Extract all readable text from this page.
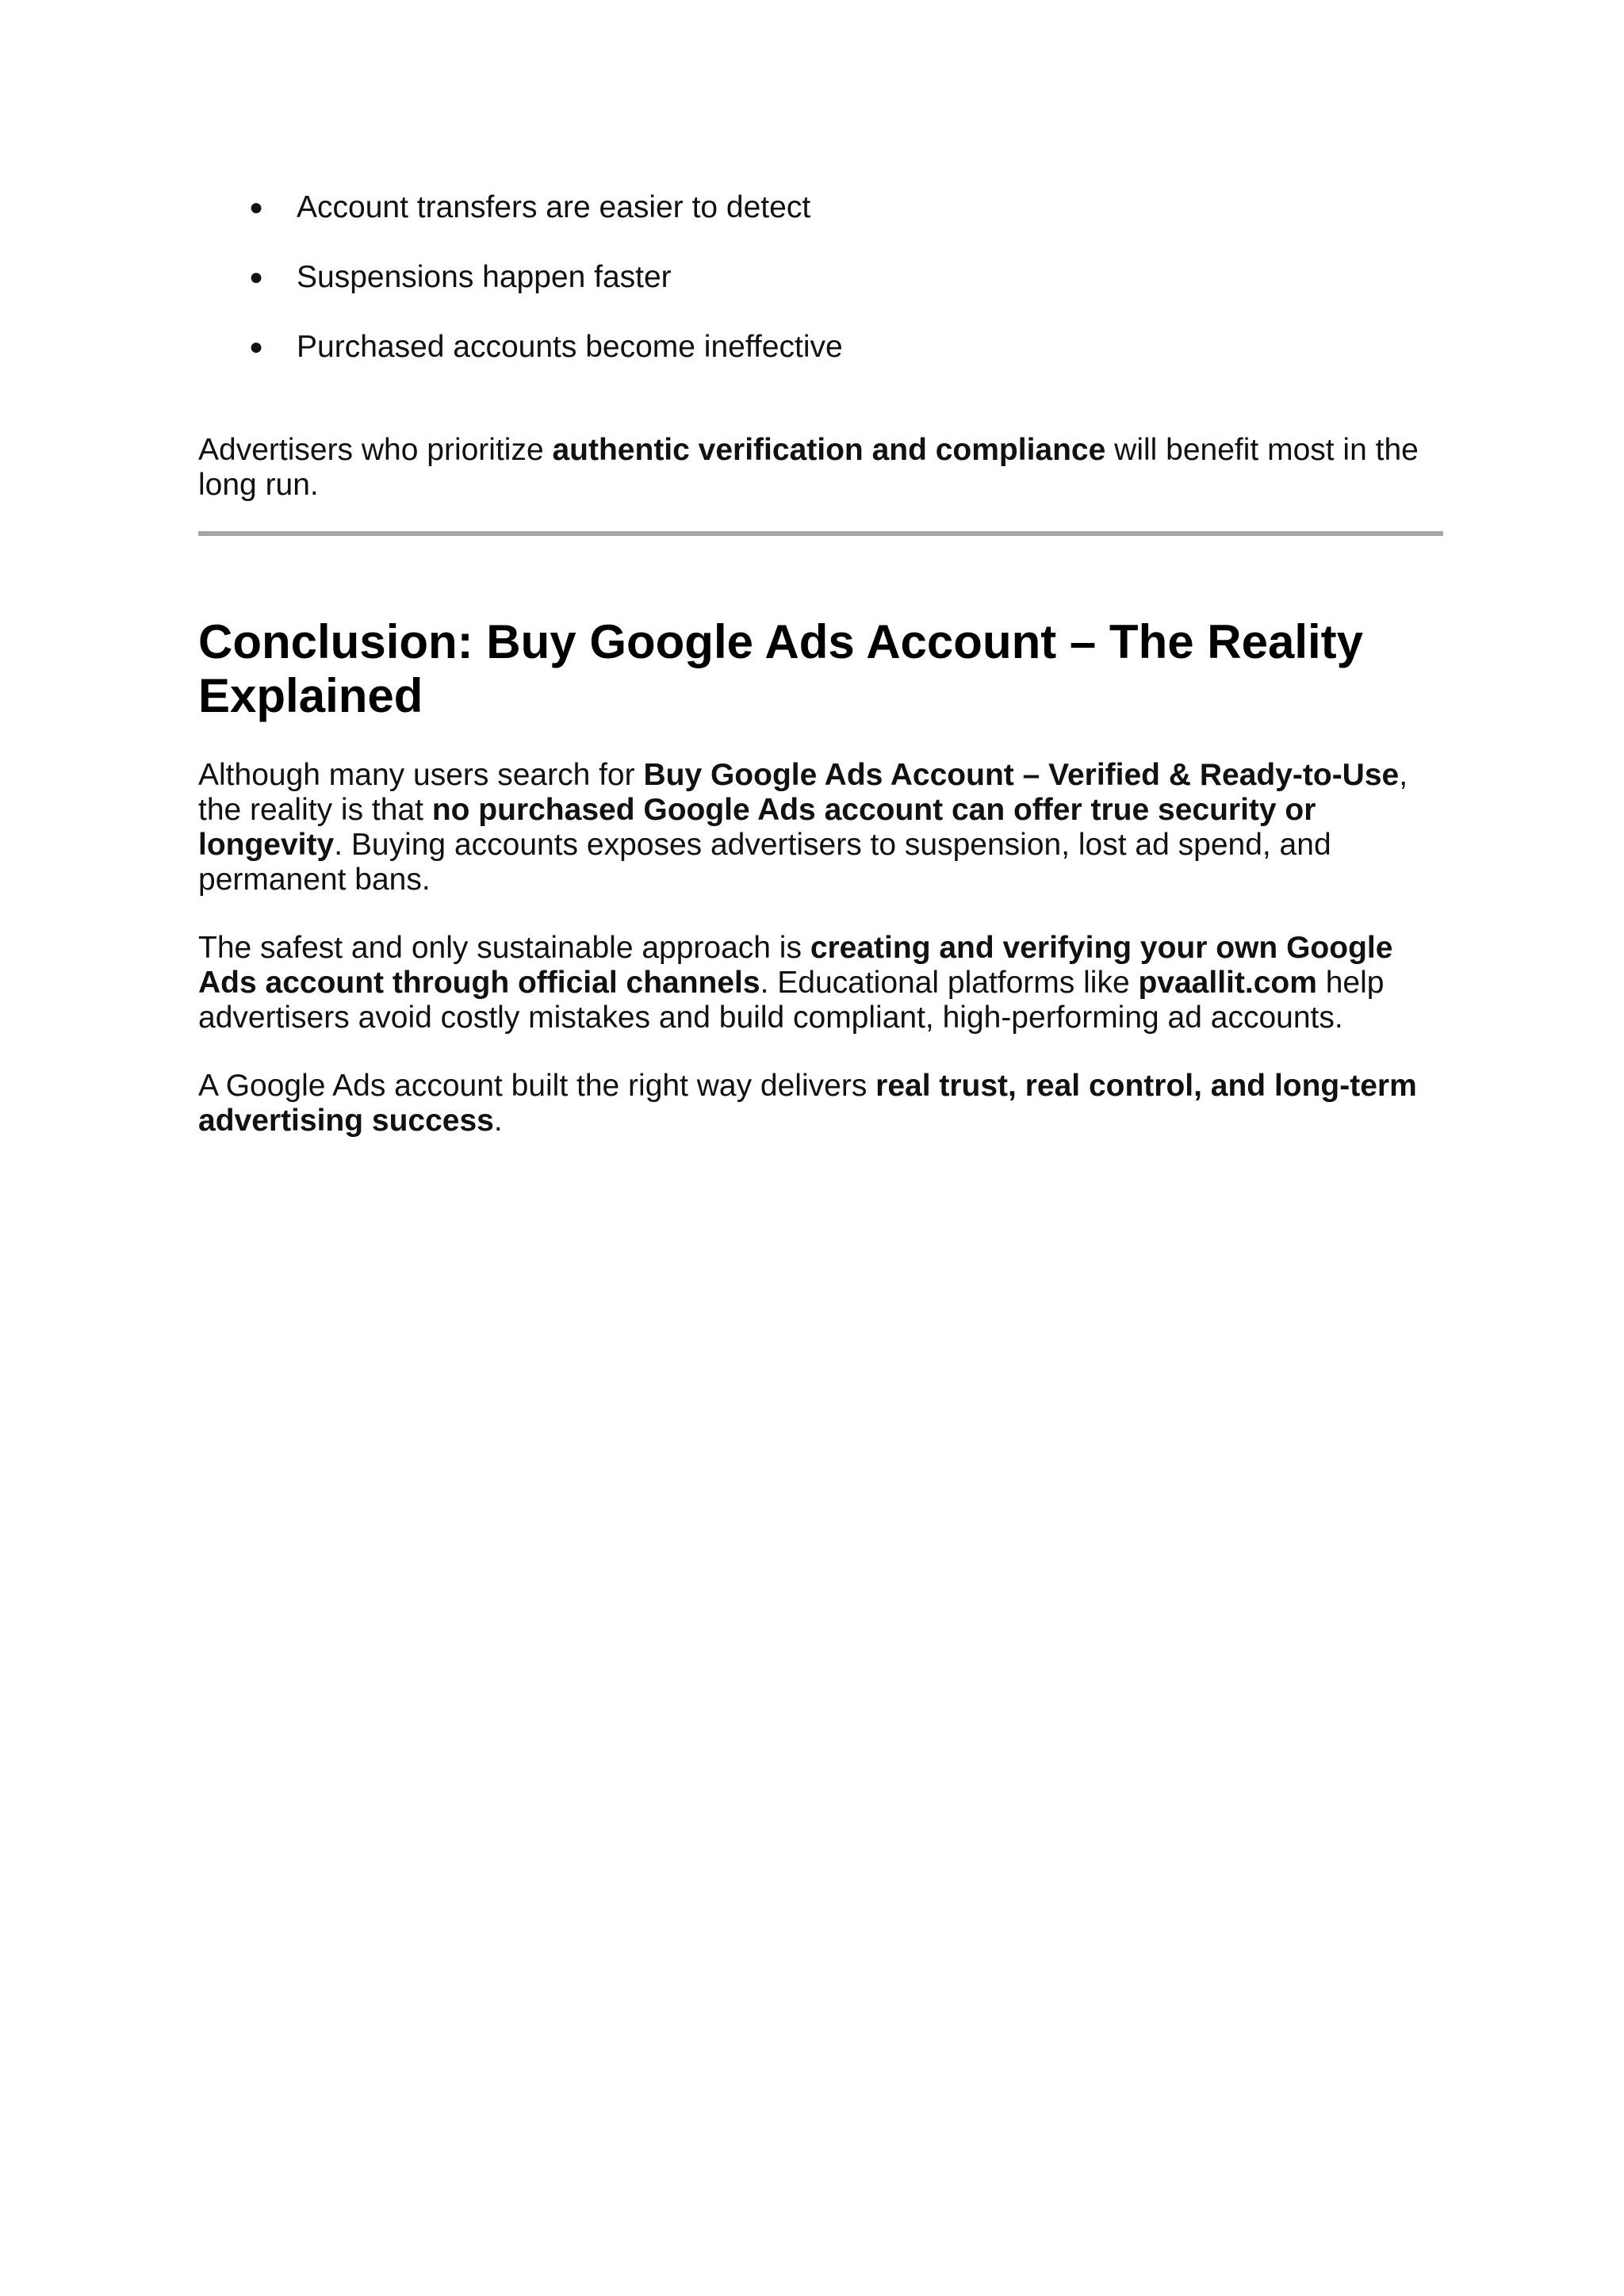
● Account transfers are easier to detect
● Suspensions happen faster
● Purchased accounts become ineffective

Advertisers who prioritize authentic verification and compliance will benefit most in the long run.

Conclusion: Buy Google Ads Account – The Reality Explained

Although many users search for Buy Google Ads Account – Verified & Ready-to-Use, the reality is that no purchased Google Ads account can offer true security or longevity. Buying accounts exposes advertisers to suspension, lost ad spend, and permanent bans.

The safest and only sustainable approach is creating and verifying your own Google Ads account through official channels. Educational platforms like pvaallit.com help advertisers avoid costly mistakes and build compliant, high-performing ad accounts.

A Google Ads account built the right way delivers real trust, real control, and long-term advertising success.
